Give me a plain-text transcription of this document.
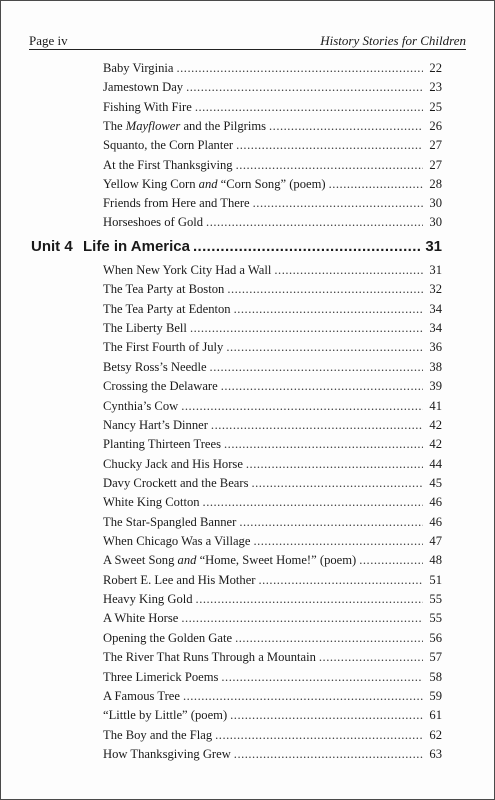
Page iv	History Stories for Children
Baby Virginia .....	22
Jamestown Day .....	23
Fishing With Fire .....	25
The Mayflower and the Pilgrims .....	26
Squanto, the Corn Planter .....	27
At the First Thanksgiving .....	27
Yellow King Corn and “Corn Song” (poem) .....	28
Friends from Here and There .....	30
Horseshoes of Gold .....	30
Unit 4 Life in America .....	31
When New York City Had a Wall .....	31
The Tea Party at Boston .....	32
The Tea Party at Edenton .....	34
The Liberty Bell .....	34
The First Fourth of July .....	36
Betsy Ross’s Needle .....	38
Crossing the Delaware .....	39
Cynthia’s Cow .....	41
Nancy Hart’s Dinner .....	42
Planting Thirteen Trees .....	42
Chucky Jack and His Horse .....	44
Davy Crockett and the Bears .....	45
White King Cotton .....	46
The Star-Spangled Banner .....	46
When Chicago Was a Village .....	47
A Sweet Song and “Home, Sweet Home!” (poem) .....	48
Robert E. Lee and His Mother .....	51
Heavy King Gold .....	55
A White Horse .....	55
Opening the Golden Gate .....	56
The River That Runs Through a Mountain .....	57
Three Limerick Poems .....	58
A Famous Tree .....	59
“Little by Little” (poem) .....	61
The Boy and the Flag .....	62
How Thanksgiving Grew .....	63
